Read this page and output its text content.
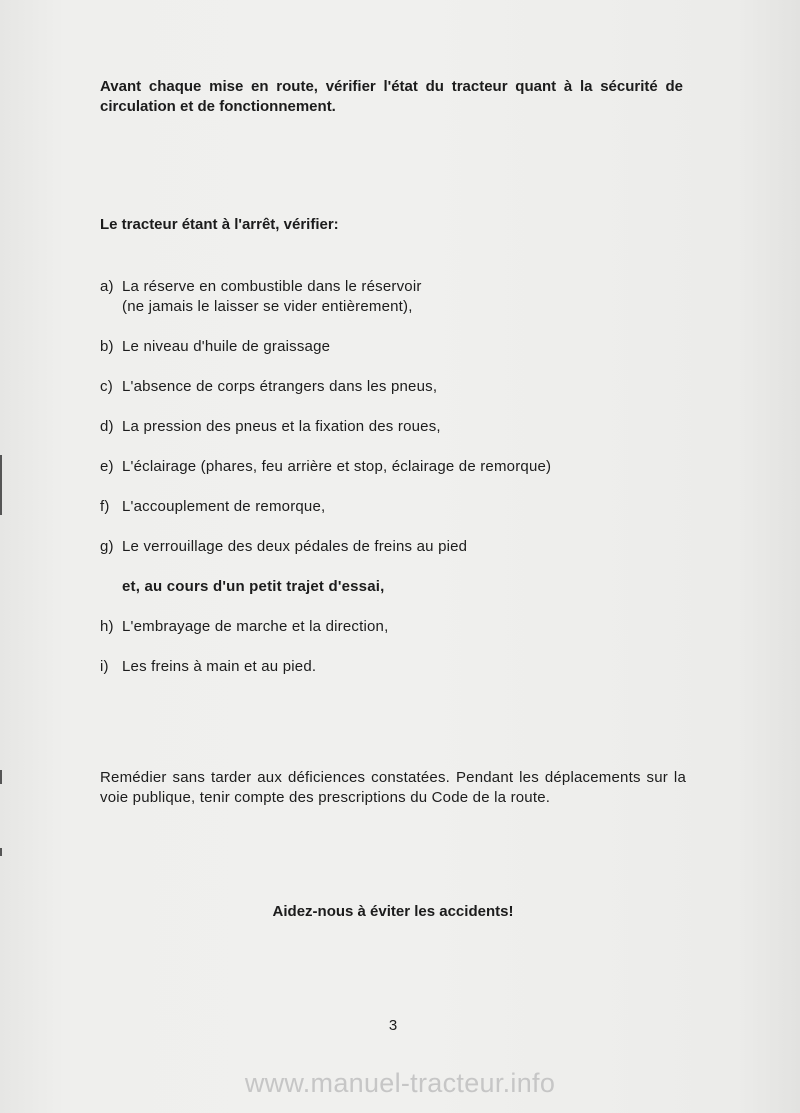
Avant chaque mise en route, vérifier l'état du tracteur quant à la sécurité de circulation et de fonctionnement.

Le tracteur étant à l'arrêt, vérifier:

a) La réserve en combustible dans le réservoir
(ne jamais le laisser se vider entièrement),
b) Le niveau d'huile de graissage
c) L'absence de corps étrangers dans les pneus,
d) La pression des pneus et la fixation des roues,
e) L'éclairage (phares, feu arrière et stop, éclairage de remorque)
f) L'accouplement de remorque,
g) Le verrouillage des deux pédales de freins au pied
et, au cours d'un petit trajet d'essai,
h) L'embrayage de marche et la direction,
i) Les freins à main et au pied.

Remédier sans tarder aux déficiences constatées. Pendant les déplacements sur la voie publique, tenir compte des prescriptions du Code de la route.

Aidez-nous à éviter les accidents!

3
www.manuel-tracteur.info
